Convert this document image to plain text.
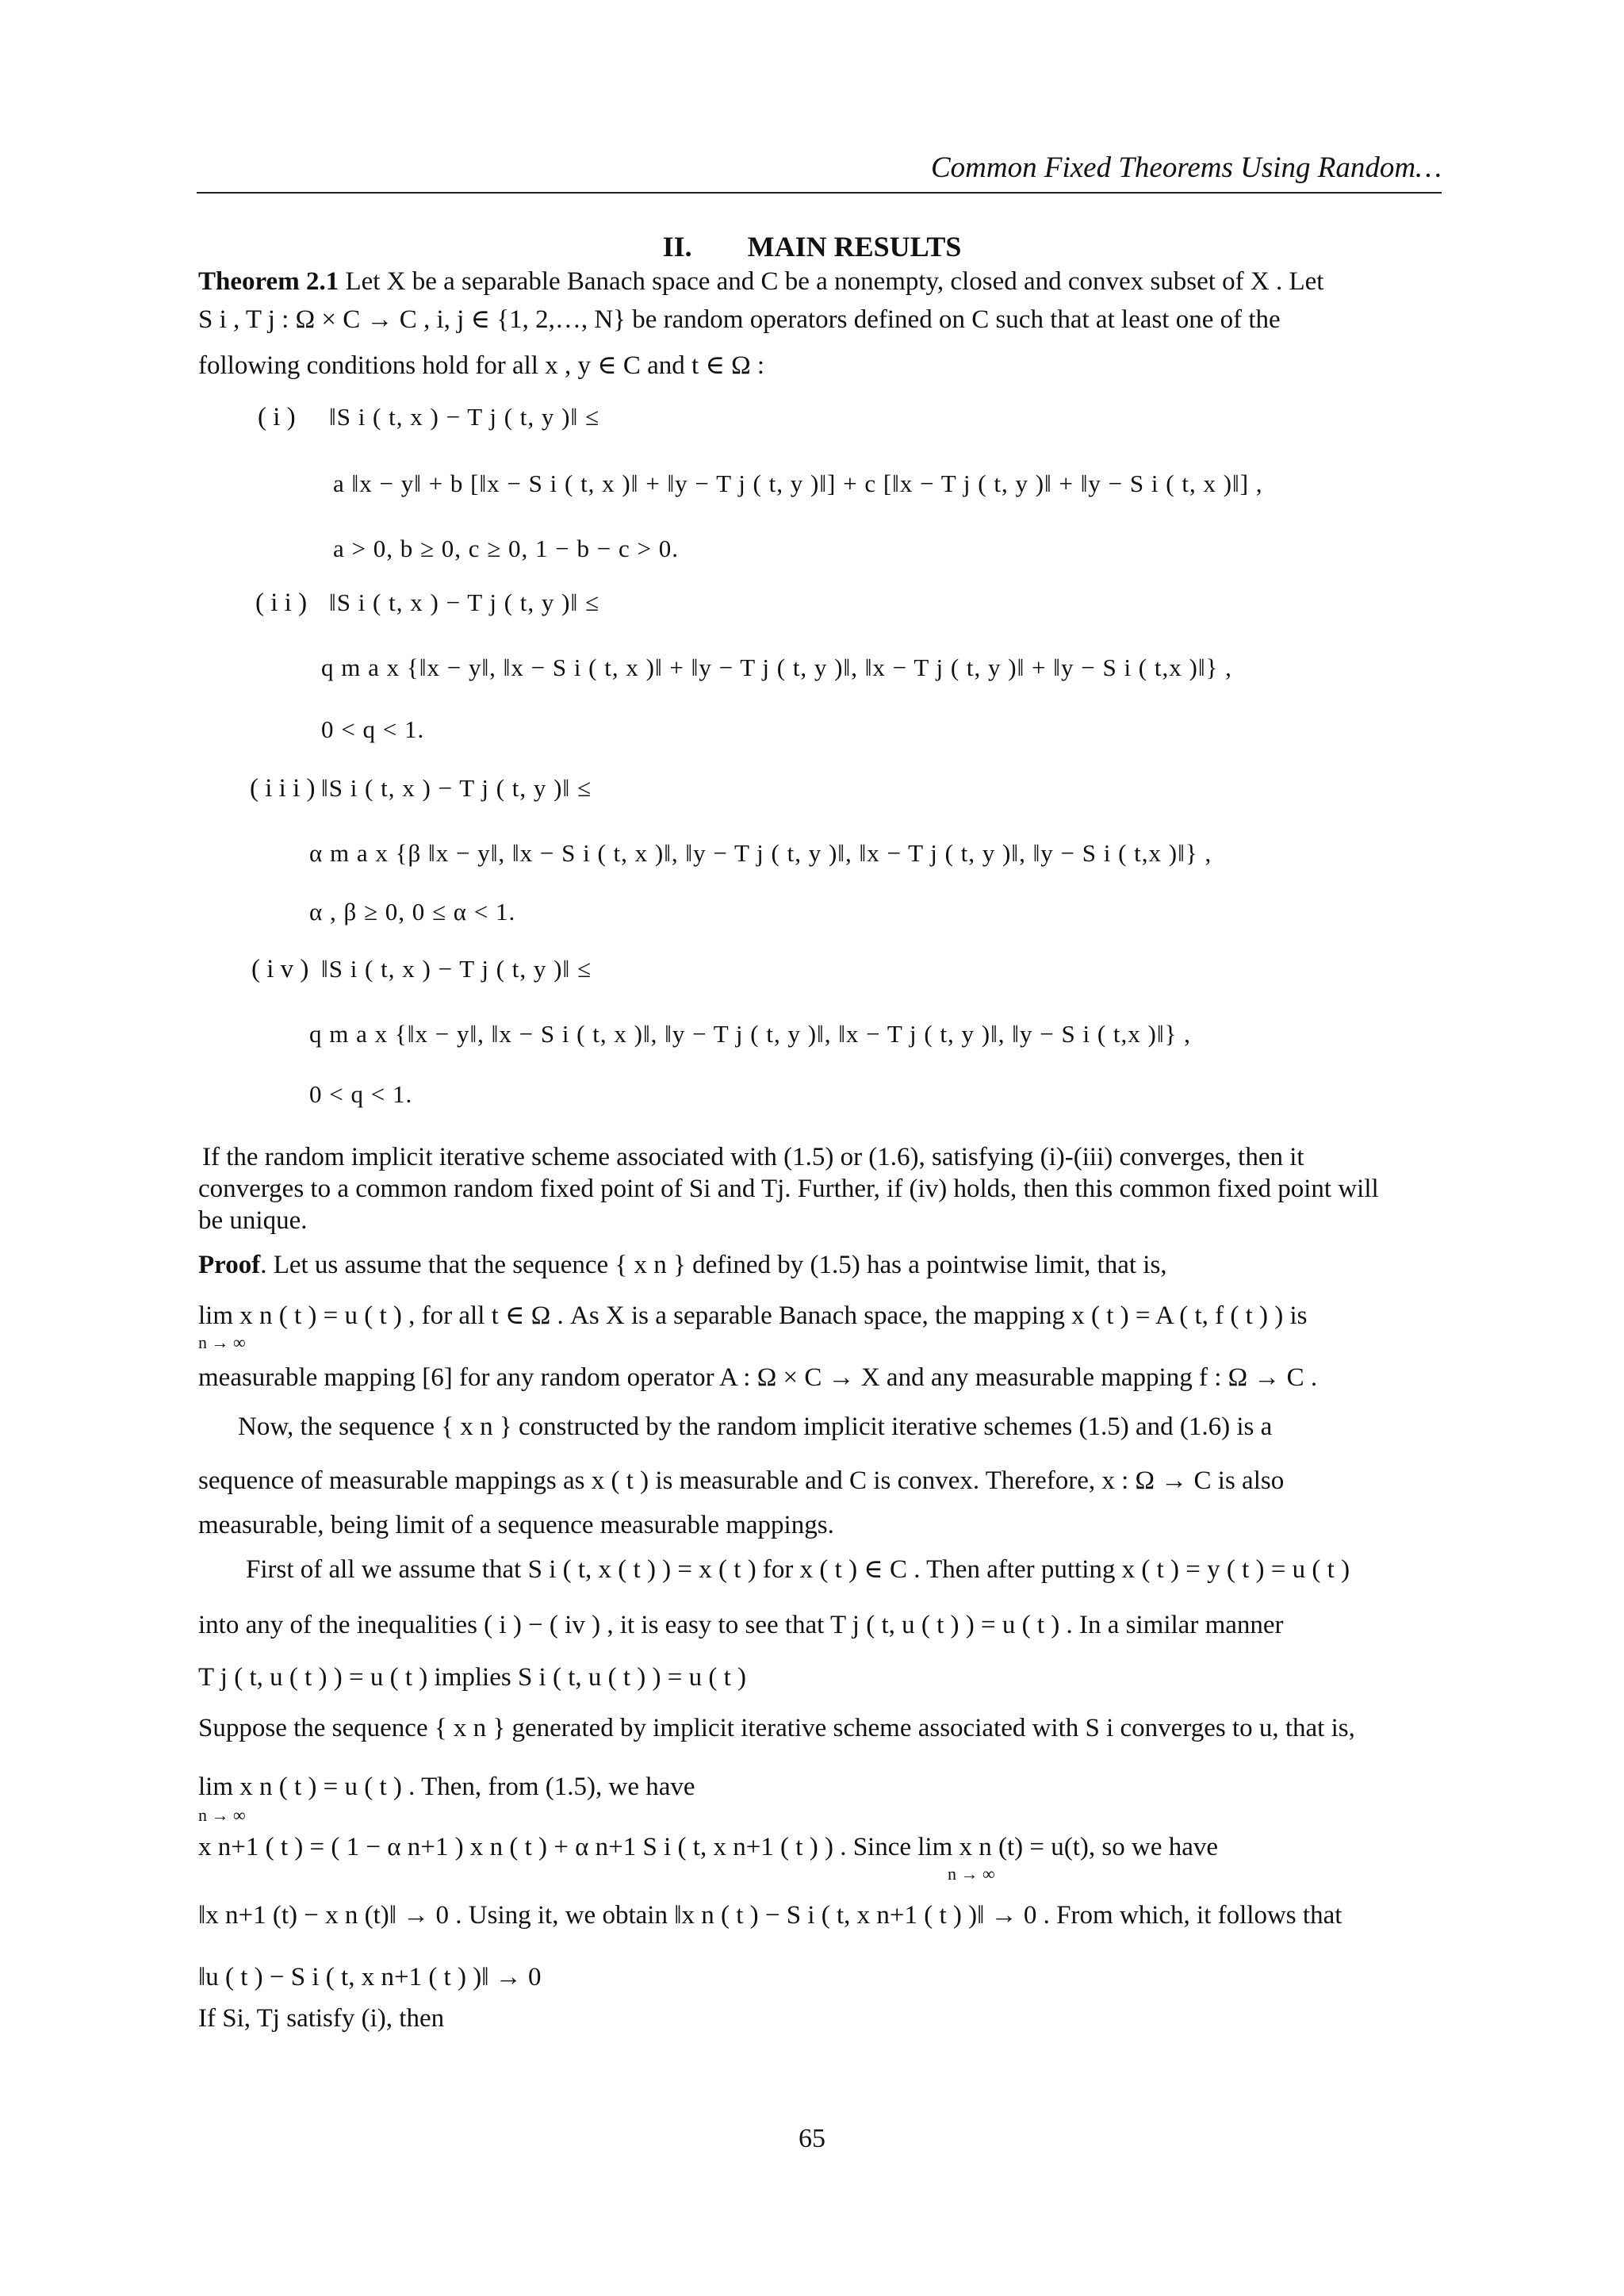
Common Fixed Theorems Using Random…
II. MAIN RESULTS
Theorem 2.1 Let X be a separable Banach space and C be a nonempty, closed and convex subset of X . Let
S i , T j : Ω × C → C , i, j ∈ {1, 2,…, N} be random operators defined on C such that at least one of the
following conditions hold for all x , y ∈ C and t ∈ Ω :
( i ) ‖S i ( t, x ) − T j ( t, y )‖ ≤
a ‖x − y‖ + b [‖x − S i ( t, x )‖ + ‖y − T j ( t, y )‖] + c [‖x − T j ( t, y )‖ + ‖y − S i ( t, x )‖] ,
a > 0, b ≥ 0, c ≥ 0, 1 − b − c > 0.
( i i ) ‖S i ( t, x ) − T j ( t, y )‖ ≤
q m a x {‖x − y‖, ‖x − S i ( t, x )‖ + ‖y − T j ( t, y )‖, ‖x − T j ( t, y )‖ + ‖y − S i ( t,x )‖} ,
0 < q < 1.
( i i i ) ‖S i ( t, x ) − T j ( t, y )‖ ≤
α m a x {β ‖x − y‖, ‖x − S i ( t, x )‖, ‖y − T j ( t, y )‖, ‖x − T j ( t, y )‖, ‖y − S i ( t,x )‖} ,
α , β ≥ 0, 0 ≤ α < 1.
( i v ) ‖S i ( t, x ) − T j ( t, y )‖ ≤
q m a x {‖x − y‖, ‖x − S i ( t, x )‖, ‖y − T j ( t, y )‖, ‖x − T j ( t, y )‖, ‖y − S i ( t,x )‖} ,
0 < q < 1.
If the random implicit iterative scheme associated with (1.5) or (1.6), satisfying (i)-(iii) converges, then it
converges to a common random fixed point of Si and Tj. Further, if (iv) holds, then this common fixed point will
be unique.
Proof. Let us assume that the sequence { x n } defined by (1.5) has a pointwise limit, that is,
lim x n ( t ) = u ( t ) , for all t ∈ Ω . As X is a separable Banach space, the mapping x ( t ) = A ( t, f ( t ) ) is
n → ∞
measurable mapping [6] for any random operator A : Ω × C → X and any measurable mapping f : Ω → C .
Now, the sequence { x n } constructed by the random implicit iterative schemes (1.5) and (1.6) is a
sequence of measurable mappings as x ( t ) is measurable and C is convex. Therefore, x : Ω → C is also
measurable, being limit of a sequence measurable mappings.
First of all we assume that S i ( t, x ( t ) ) = x ( t ) for x ( t ) ∈ C . Then after putting x ( t ) = y ( t ) = u ( t )
into any of the inequalities ( i ) − ( iv ) , it is easy to see that T j ( t, u ( t ) ) = u ( t ) . In a similar manner
T j ( t, u ( t ) ) = u ( t ) implies S i ( t, u ( t ) ) = u ( t )
Suppose the sequence { x n } generated by implicit iterative scheme associated with S i converges to u, that is,
lim x n ( t ) = u ( t ) . Then, from (1.5), we have
n → ∞
x n+1 ( t ) = ( 1 − α n+1 ) x n ( t ) + α n+1 S i ( t, x n+1 ( t ) ) . Since lim x n (t) = u(t), so we have
n → ∞
‖x n+1 (t) − x n (t)‖ → 0 . Using it, we obtain ‖x n ( t ) − S i ( t, x n+1 ( t ) )‖ → 0 . From which, it follows that
‖u ( t ) − S i ( t, x n+1 ( t ) )‖ → 0
If Si, Tj satisfy (i), then
65
